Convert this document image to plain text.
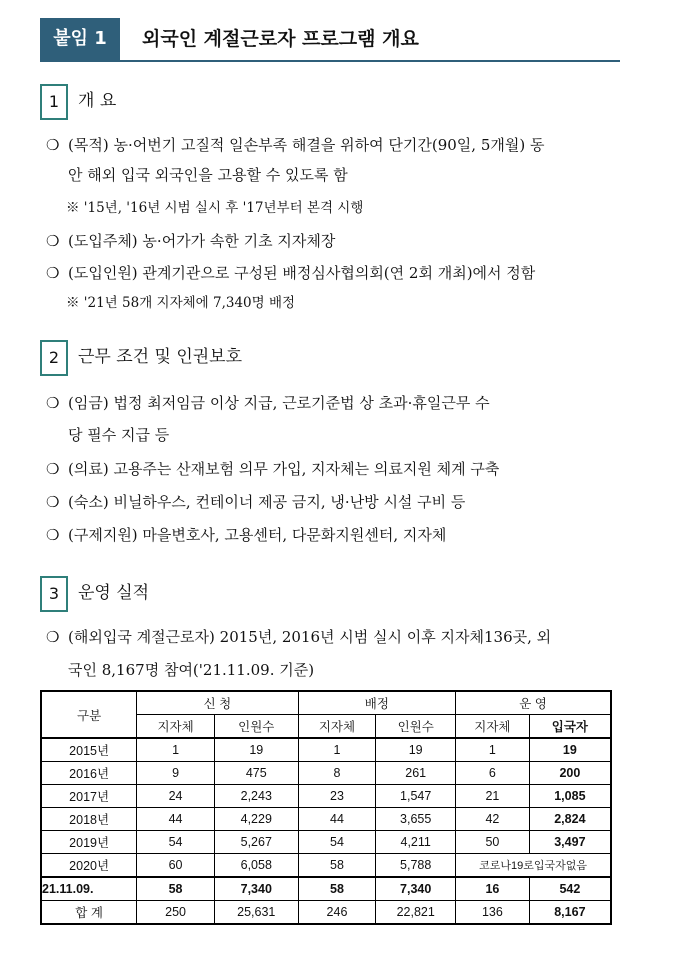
붙임 1	외국인 계절근로자 프로그램 개요
1	개 요
❍ (목적) 농·어번기 고질적 일손부족 해결을 위하여 단기간(90일, 5개월) 동
안 해외 입국 외국인을 고용할 수 있도록 함
※ '15년, '16년 시범 실시 후 '17년부터 본격 시행
❍ (도입주체) 농·어가가 속한 기초 지자체장
❍ (도입인원) 관계기관으로 구성된 배정심사협의회(연 2회 개최)에서 정함
※ '21년 58개 지자체에 7,340명 배정
2	근무 조건 및 인권보호
❍ (임금) 법정 최저임금 이상 지급, 근로기준법 상 초과·휴일근무 수
당 필수 지급 등
❍ (의료) 고용주는 산재보험 의무 가입, 지자체는 의료지원 체계 구축
❍ (숙소) 비닐하우스, 컨테이너 제공 금지, 냉·난방 시설 구비 등
❍ (구제지원) 마을변호사, 고용센터, 다문화지원센터, 지자체
3	운영 실적
❍ (해외입국 계절근로자) 2015년, 2016년 시범 실시 이후 지자체136곳, 외
국인 8,167명 참여('21.11.09. 기준)
구분	신 청		배정		운 영	
	지자체	인원수	지자체	인원수	지자체	입국자
2015년	1	19	1	19	1	19
2016년	9	475	8	261	6	200
2017년	24	2,243	23	1,547	21	1,085
2018년	44	4,229	44	3,655	42	2,824
2019년	54	5,267	54	4,211	50	3,497
2020년	60	6,058	58	5,788	코로나19로입국자없음	
21.11.09.	58	7,340	58	7,340	16	542
합 계	250	25,631	246	22,821	136	8,167
